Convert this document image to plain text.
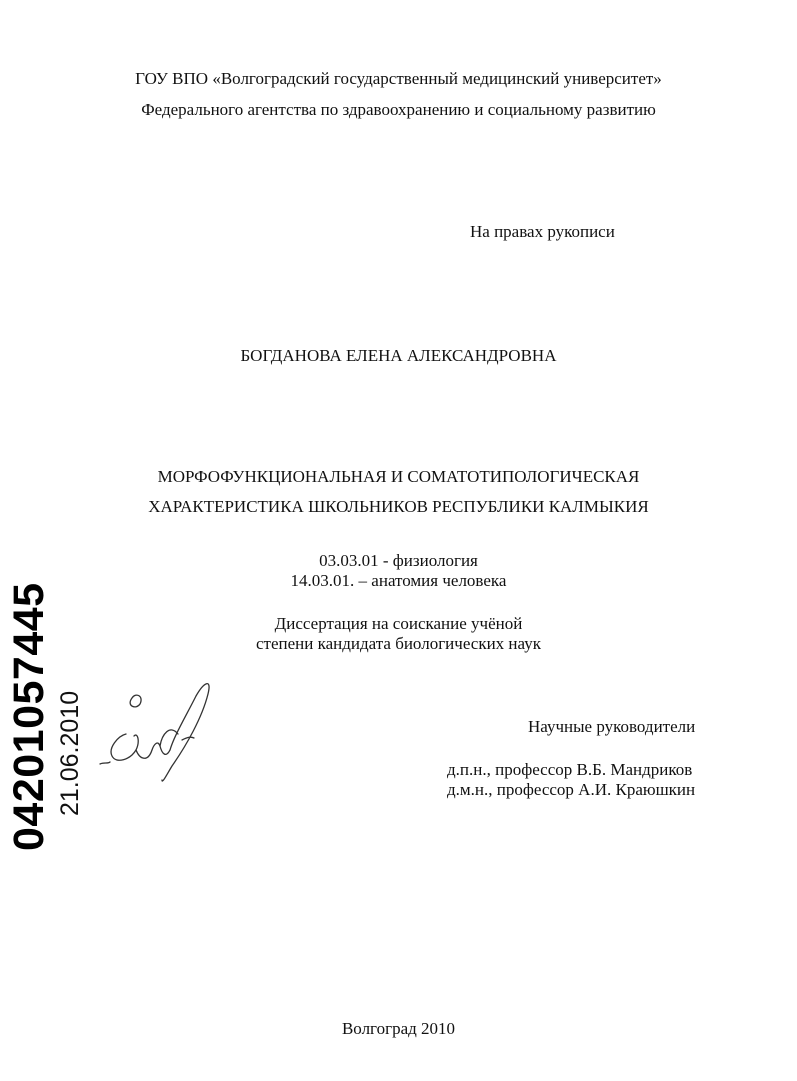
ГОУ ВПО «Волгоградский государственный медицинский университет»
Федерального агентства по здравоохранению и социальному развитию
На правах рукописи
БОГДАНОВА ЕЛЕНА АЛЕКСАНДРОВНА
МОРФОФУНКЦИОНАЛЬНАЯ И СОМАТОТИПОЛОГИЧЕСКАЯ
ХАРАКТЕРИСТИКА ШКОЛЬНИКОВ РЕСПУБЛИКИ КАЛМЫКИЯ
03.03.01 - физиология
14.03.01. – анатомия человека
Диссертация на соискание учёной
степени кандидата биологических наук
Научные руководители
д.п.н., профессор В.Б. Мандриков
д.м.н., профессор А.И. Краюшкин
Волгоград 2010
04201057445 21.06.2010
